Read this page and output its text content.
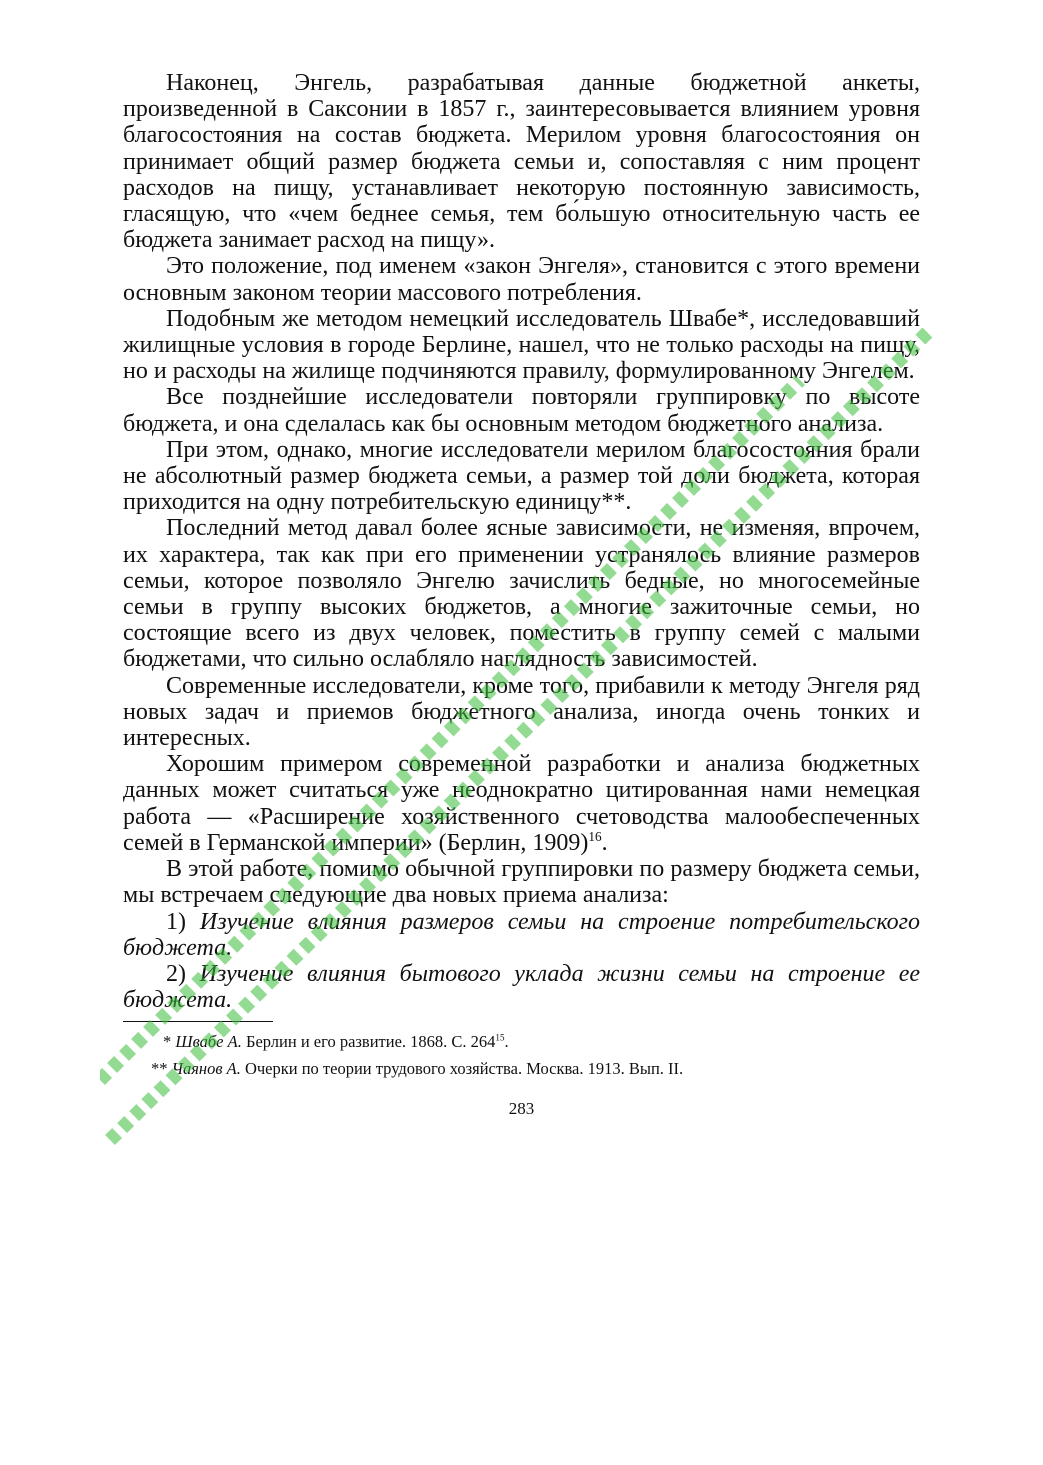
Наконец, Энгель, разрабатывая данные бюджетной анкеты, произведенной в Саксонии в 1857 г., заинтересовывается влиянием уровня благосостояния на состав бюджета. Мерилом уровня благосостояния он принимает общий размер бюджета семьи и, сопоставляя с ним процент расходов на пищу, устанавливает некоторую постоянную зависимость, гласящую, что «чем беднее семья, тем бо́льшую относительную часть ее бюджета занимает расход на пищу».

Это положение, под именем «закон Энгеля», становится с этого времени основным законом теории массового потребления.

Подобным же методом немецкий исследователь Швабе*, исследовавший жилищные условия в городе Берлине, нашел, что не только расходы на пищу, но и расходы на жилище подчиняются правилу, формулированному Энгелем.

Все позднейшие исследователи повторяли группировку по высоте бюджета, и она сделалась как бы основным методом бюджетного анализа.

При этом, однако, многие исследователи мерилом благосостояния брали не абсолютный размер бюджета семьи, а размер той доли бюджета, которая приходится на одну потребительскую единицу**.

Последний метод давал более ясные зависимости, не изменяя, впрочем, их характера, так как при его применении устранялось влияние размеров семьи, которое позволяло Энгелю зачислить бедные, но многосемейные семьи в группу высоких бюджетов, а многие зажиточные семьи, но состоящие всего из двух человек, поместить в группу семей с малыми бюджетами, что сильно ослабляло наглядность зависимостей.

Современные исследователи, кроме того, прибавили к методу Энгеля ряд новых задач и приемов бюджетного анализа, иногда очень тонких и интересных.

Хорошим примером современной разработки и анализа бюджетных данных может считаться уже неоднократно цитированная нами немецкая работа — «Расширение хозяйственного счетоводства малообеспеченных семей в Германской империи» (Берлин, 1909)$^{16}$.

В этой работе, помимо обычной группировки по размеру бюджета семьи, мы встречаем следующие два новых приема анализа:

1) Изучение влияния размеров семьи на строение потребительского бюджета.

2) Изучение влияния бытового уклада жизни семьи на строение ее бюджета.

* Швабе А. Берлин и его развитие. 1868. С. $264^{15}$.

** Чаянов А. Очерки по теории трудового хозяйства. Москва. 1913. Вып. II.

283
